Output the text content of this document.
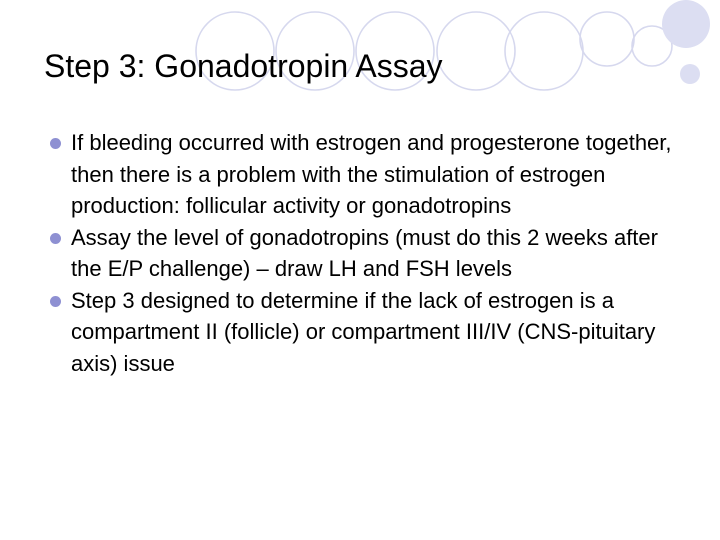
Step 3: Gonadotropin Assay
If bleeding occurred with estrogen and progesterone together, then there is a problem with the stimulation of estrogen production: follicular activity or gonadotropins
Assay the level of gonadotropins (must do this 2 weeks after the E/P challenge) – draw LH and FSH levels
Step 3 designed to determine if the lack of estrogen is a compartment II (follicle) or compartment III/IV (CNS-pituitary axis) issue
